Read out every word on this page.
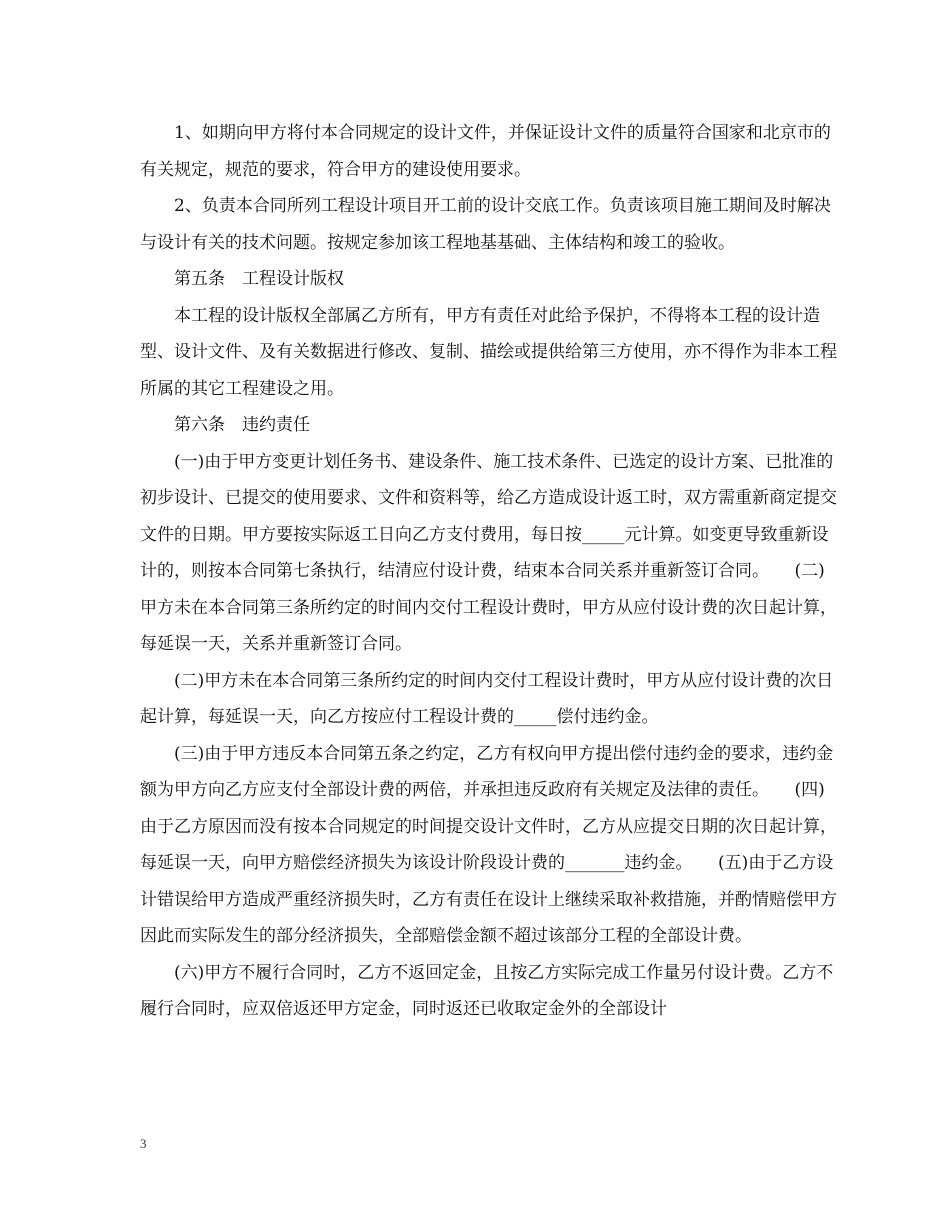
1、如期向甲方将付本合同规定的设计文件，并保证设计文件的质量符合国家和北京市的有关规定，规范的要求，符合甲方的建设使用要求。

2、负责本合同所列工程设计项目开工前的设计交底工作。负责该项目施工期间及时解决与设计有关的技术问题。按规定参加该工程地基基础、主体结构和竣工的验收。

第五条　工程设计版权

本工程的设计版权全部属乙方所有，甲方有责任对此给予保护，不得将本工程的设计造型、设计文件、及有关数据进行修改、复制、描绘或提供给第三方使用，亦不得作为非本工程所属的其它工程建设之用。

第六条　违约责任

(一)由于甲方变更计划任务书、建设条件、施工技术条件、已选定的设计方案、已批准的初步设计、已提交的使用要求、文件和资料等，给乙方造成设计返工时，双方需重新商定提交文件的日期。甲方要按实际返工日向乙方支付费用，每日按_____元计算。如变更导致重新设计的，则按本合同第七条执行，结清应付设计费，结束本合同关系并重新签订合同。　　(二)甲方未在本合同第三条所约定的时间内交付工程设计费时，甲方从应付设计费的次日起计算，每延误一天，关系并重新签订合同。

(二)甲方未在本合同第三条所约定的时间内交付工程设计费时，甲方从应付设计费的次日起计算，每延误一天，向乙方按应付工程设计费的_____偿付违约金。

(三)由于甲方违反本合同第五条之约定，乙方有权向甲方提出偿付违约金的要求，违约金额为甲方向乙方应支付全部设计费的两倍，并承担违反政府有关规定及法律的责任。　　(四)由于乙方原因而没有按本合同规定的时间提交设计文件时，乙方从应提交日期的次日起计算，每延误一天，向甲方赔偿经济损失为该设计阶段设计费的_______违约金。　　(五)由于乙方设计错误给甲方造成严重经济损失时，乙方有责任在设计上继续采取补救措施，并酌情赔偿甲方因此而实际发生的部分经济损失，全部赔偿金额不超过该部分工程的全部设计费。

(六)甲方不履行合同时，乙方不返回定金，且按乙方实际完成工作量另付设计费。乙方不履行合同时，应双倍返还甲方定金，同时返还已收取定金外的全部设计

3
